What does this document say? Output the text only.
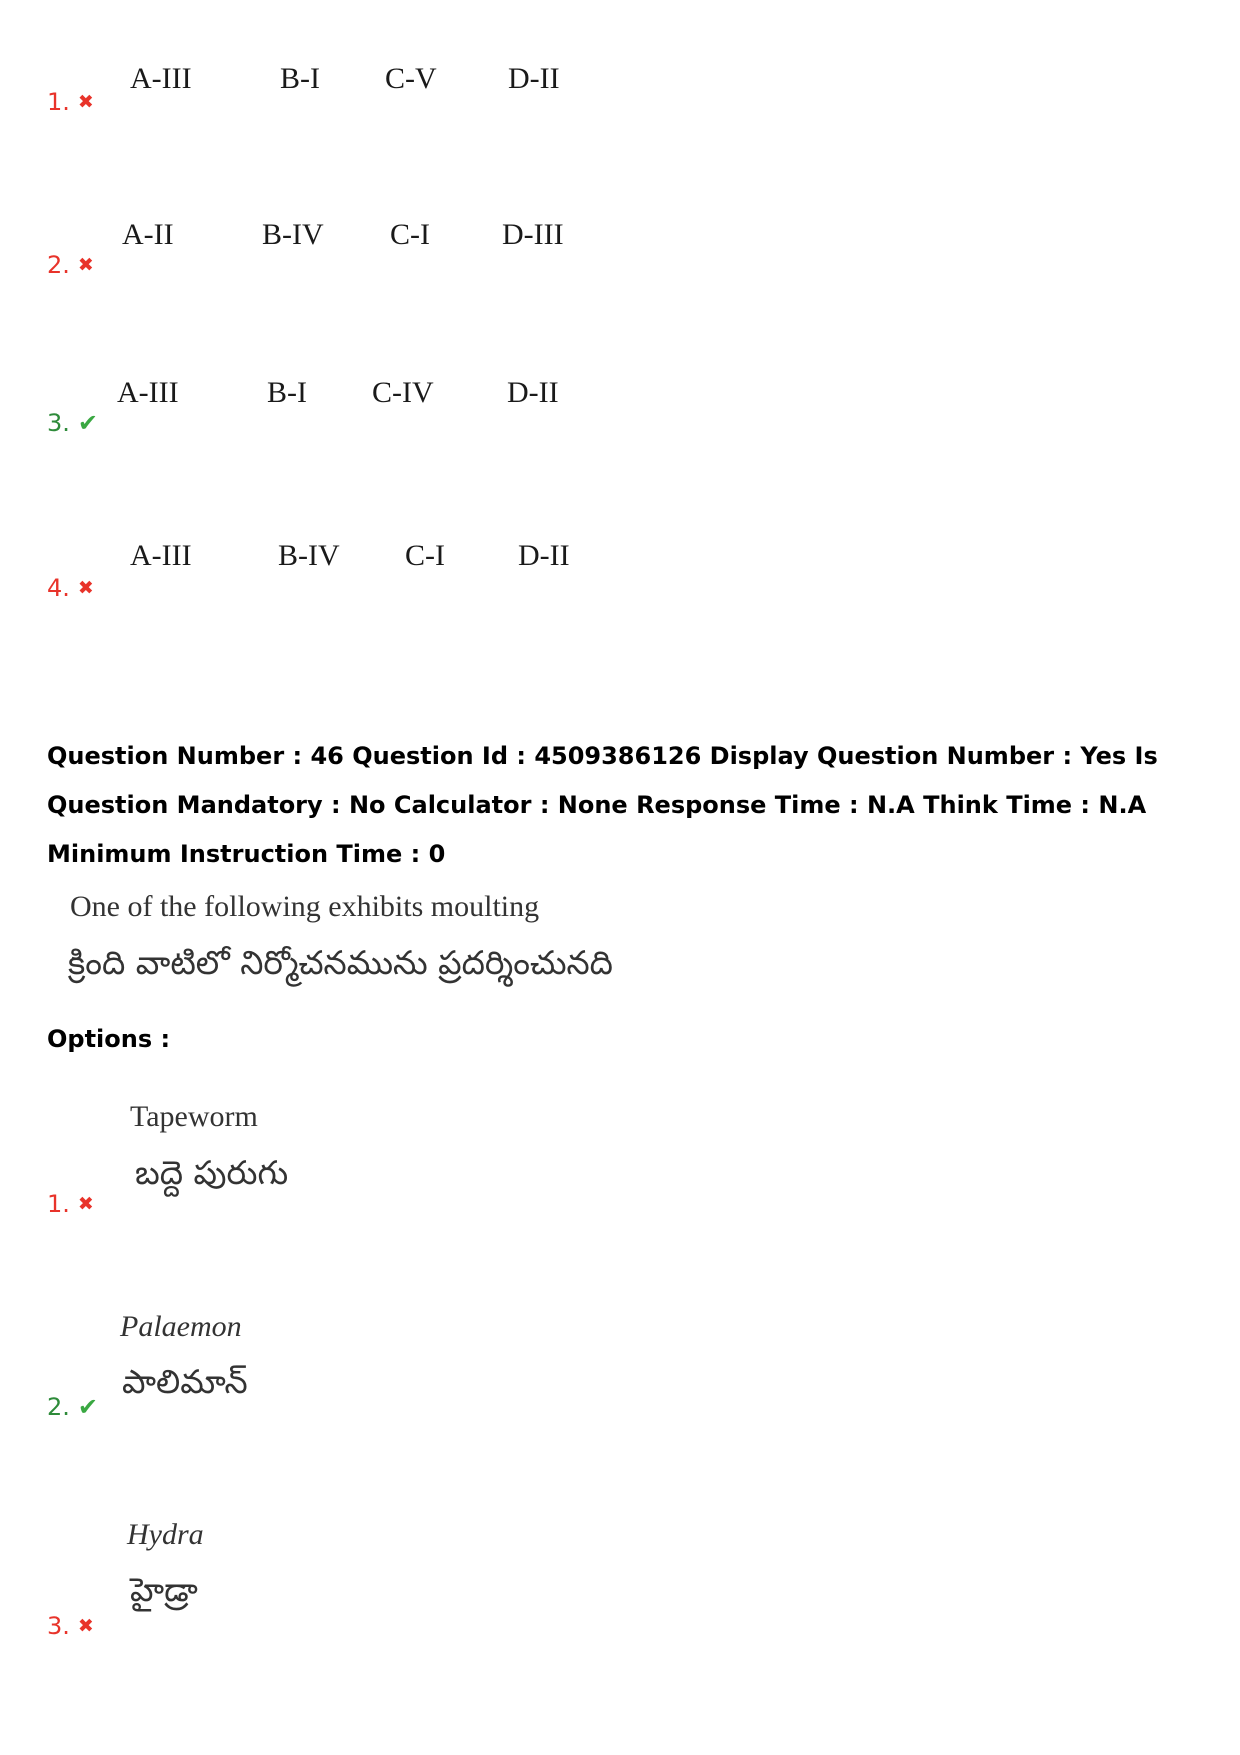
1. ✖
A-III	B-I C-V D-II
2. ✖
A-II	B-IV C-I D-III
3. ✔
A-III	B-I C-IV D-II
4. ✖
A-III	B-IV C-I D-II
Question Number : 46 Question Id : 4509386126 Display Question Number : Yes Is Question Mandatory : No Calculator : None Response Time : N.A Think Time : N.A Minimum Instruction Time : 0
One of the following exhibits moulting
క్రింది వాటిలో నిర్మోచనమును ప్రదర్శించునది
Options :
Tapeworm
బద్దె పురుగు
1. ✖
Palaemon
పాలిమాన్
2. ✔
Hydra
హైడ్రా
3. ✖
